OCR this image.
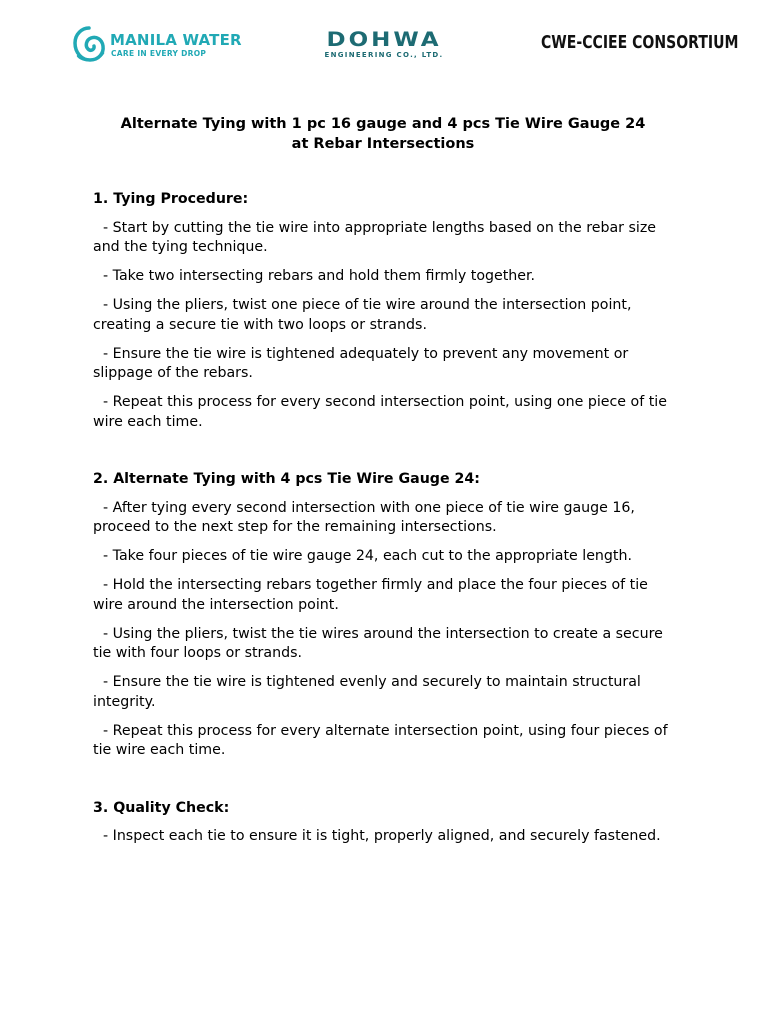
MANILA WATER
CARE IN EVERY DROP
DOHWA
ENGINEERING CO., LTD.
CWE-CCIEE CONSORTIUM
Alternate Tying with 1 pc 16 gauge and 4 pcs Tie Wire Gauge 24
at Rebar Intersections
1. Tying Procedure:

- Start by cutting the tie wire into appropriate lengths based on the rebar size and the tying technique.

- Take two intersecting rebars and hold them firmly together.

- Using the pliers, twist one piece of tie wire around the intersection point, creating a secure tie with two loops or strands.

- Ensure the tie wire is tightened adequately to prevent any movement or slippage of the rebars.

- Repeat this process for every second intersection point, using one piece of tie wire each time.

2. Alternate Tying with 4 pcs Tie Wire Gauge 24:

- After tying every second intersection with one piece of tie wire gauge 16, proceed to the next step for the remaining intersections.

- Take four pieces of tie wire gauge 24, each cut to the appropriate length.

- Hold the intersecting rebars together firmly and place the four pieces of tie wire around the intersection point.

- Using the pliers, twist the tie wires around the intersection to create a secure tie with four loops or strands.

- Ensure the tie wire is tightened evenly and securely to maintain structural integrity.

- Repeat this process for every alternate intersection point, using four pieces of tie wire each time.

3. Quality Check:

- Inspect each tie to ensure it is tight, properly aligned, and securely fastened.
